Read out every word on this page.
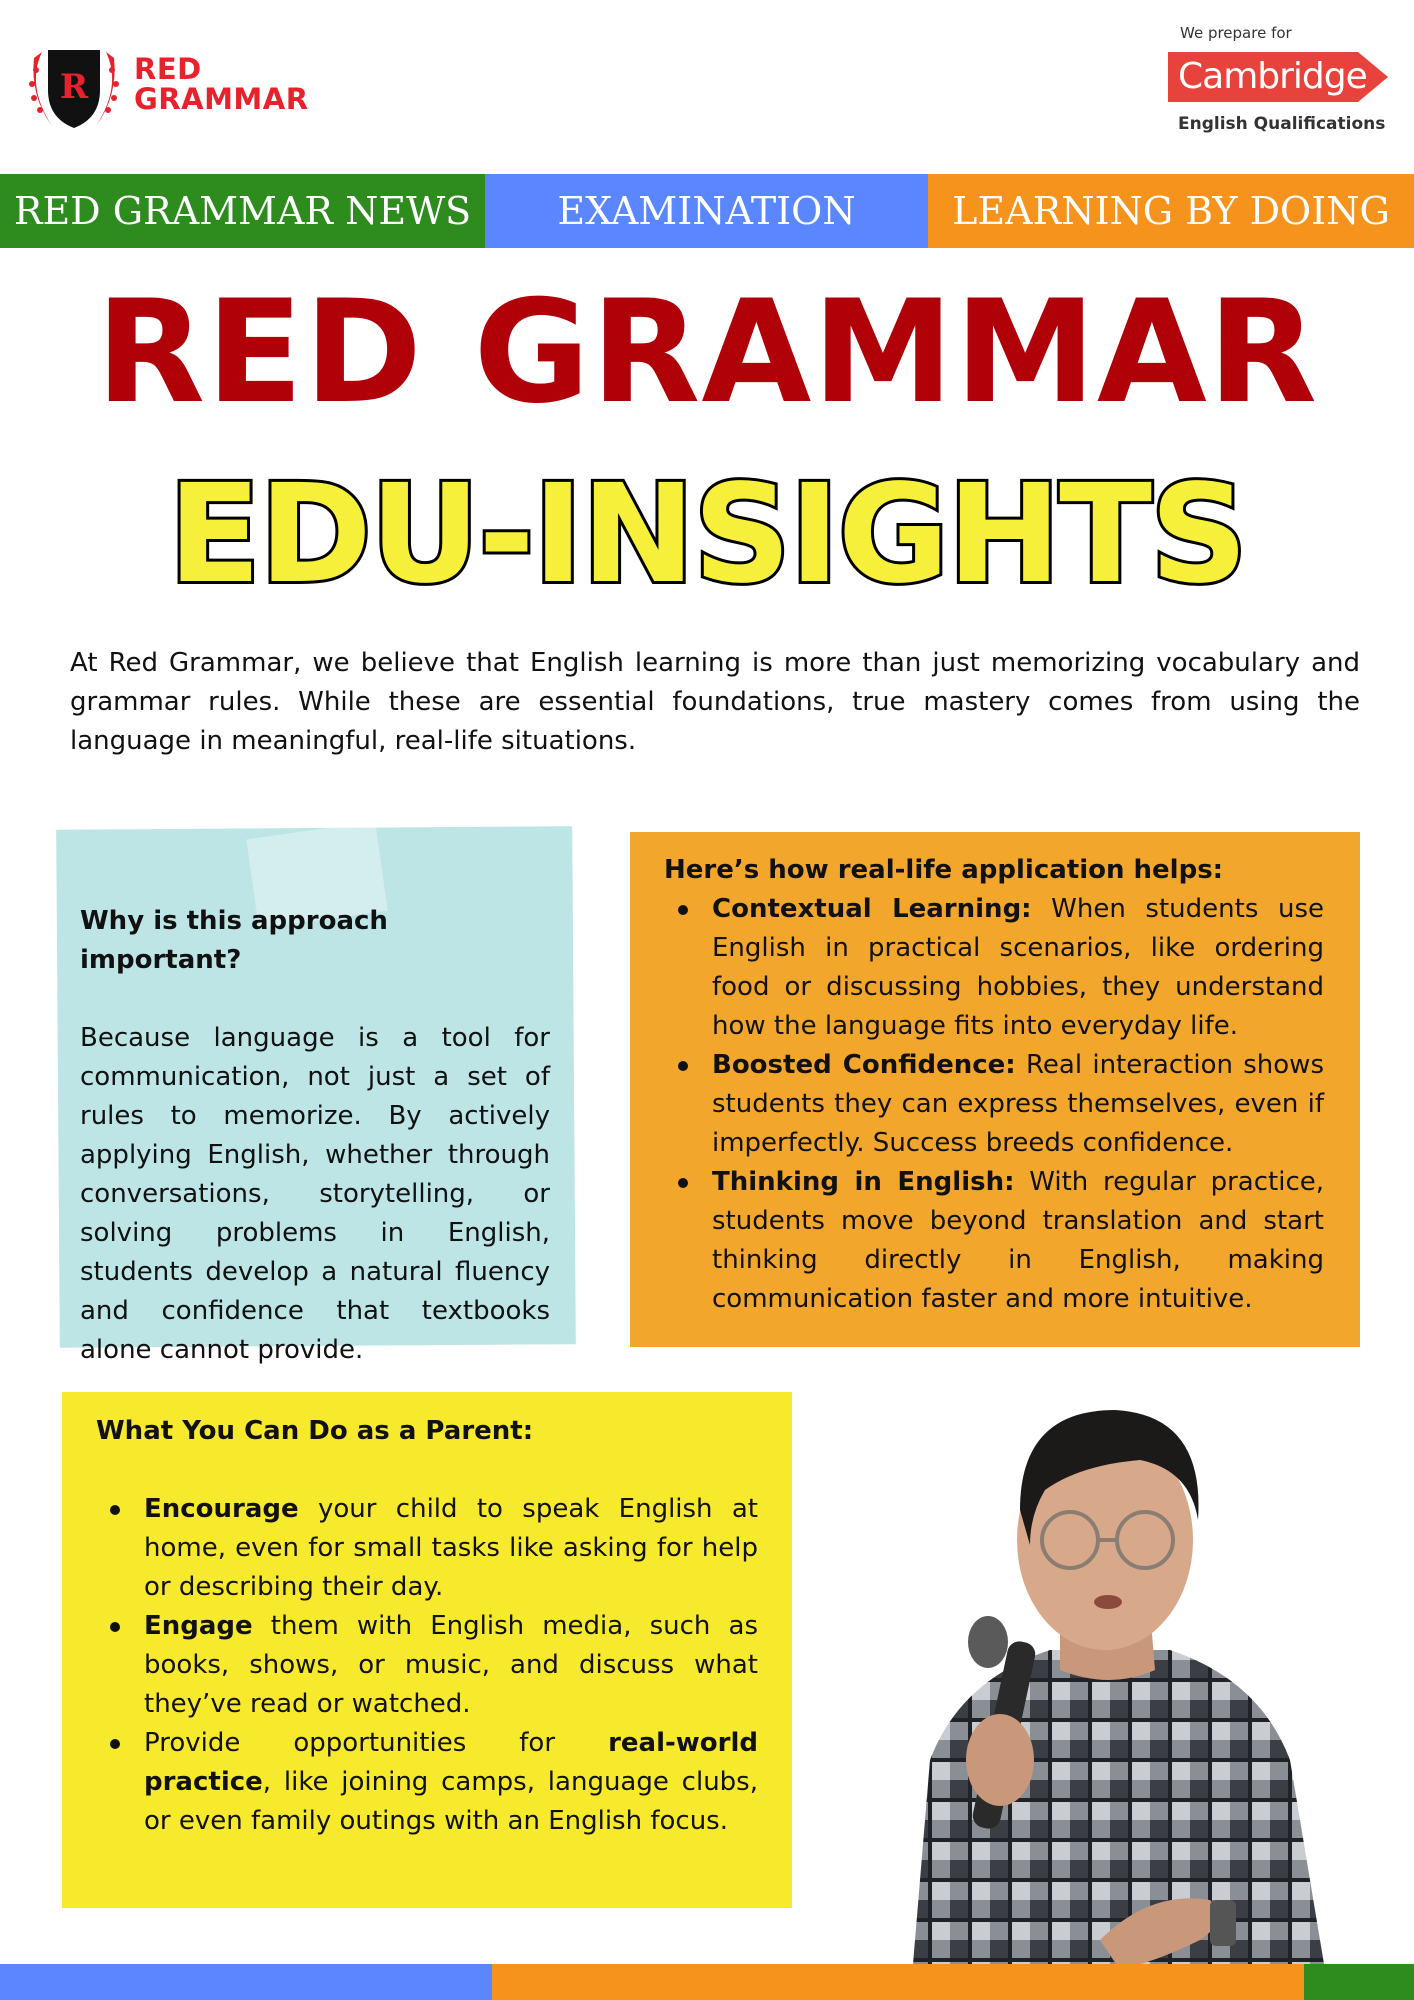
R RED
GRAMMAR
We prepare for
Cambridge
English Qualifications
RED GRAMMAR NEWS	EXAMINATION	LEARNING BY DOING
RED GRAMMAR
EDU-INSIGHTS

At Red Grammar, we believe that English learning is more than just memorizing vocabulary and grammar rules. While these are essential foundations, true mastery comes from using the language in meaningful, real-life situations.

Why is this approach important?

Because language is a tool for communication, not just a set of rules to memorize. By actively applying English, whether through conversations, storytelling, or solving problems in English, students develop a natural fluency and confidence that textbooks alone cannot provide.

Here’s how real-life application helps:
Contextual Learning: When students use English in practical scenarios, like ordering food or discussing hobbies, they understand how the language fits into everyday life.
Boosted Confidence: Real interaction shows students they can express themselves, even if imperfectly. Success breeds confidence.
Thinking in English: With regular practice, students move beyond translation and start thinking directly in English, making communication faster and more intuitive.
What You Can Do as a Parent:
Encourage your child to speak English at home, even for small tasks like asking for help or describing their day.
Engage them with English media, such as books, shows, or music, and discuss what they’ve read or watched.
Provide opportunities for real-world practice, like joining camps, language clubs, or even family outings with an English focus.
